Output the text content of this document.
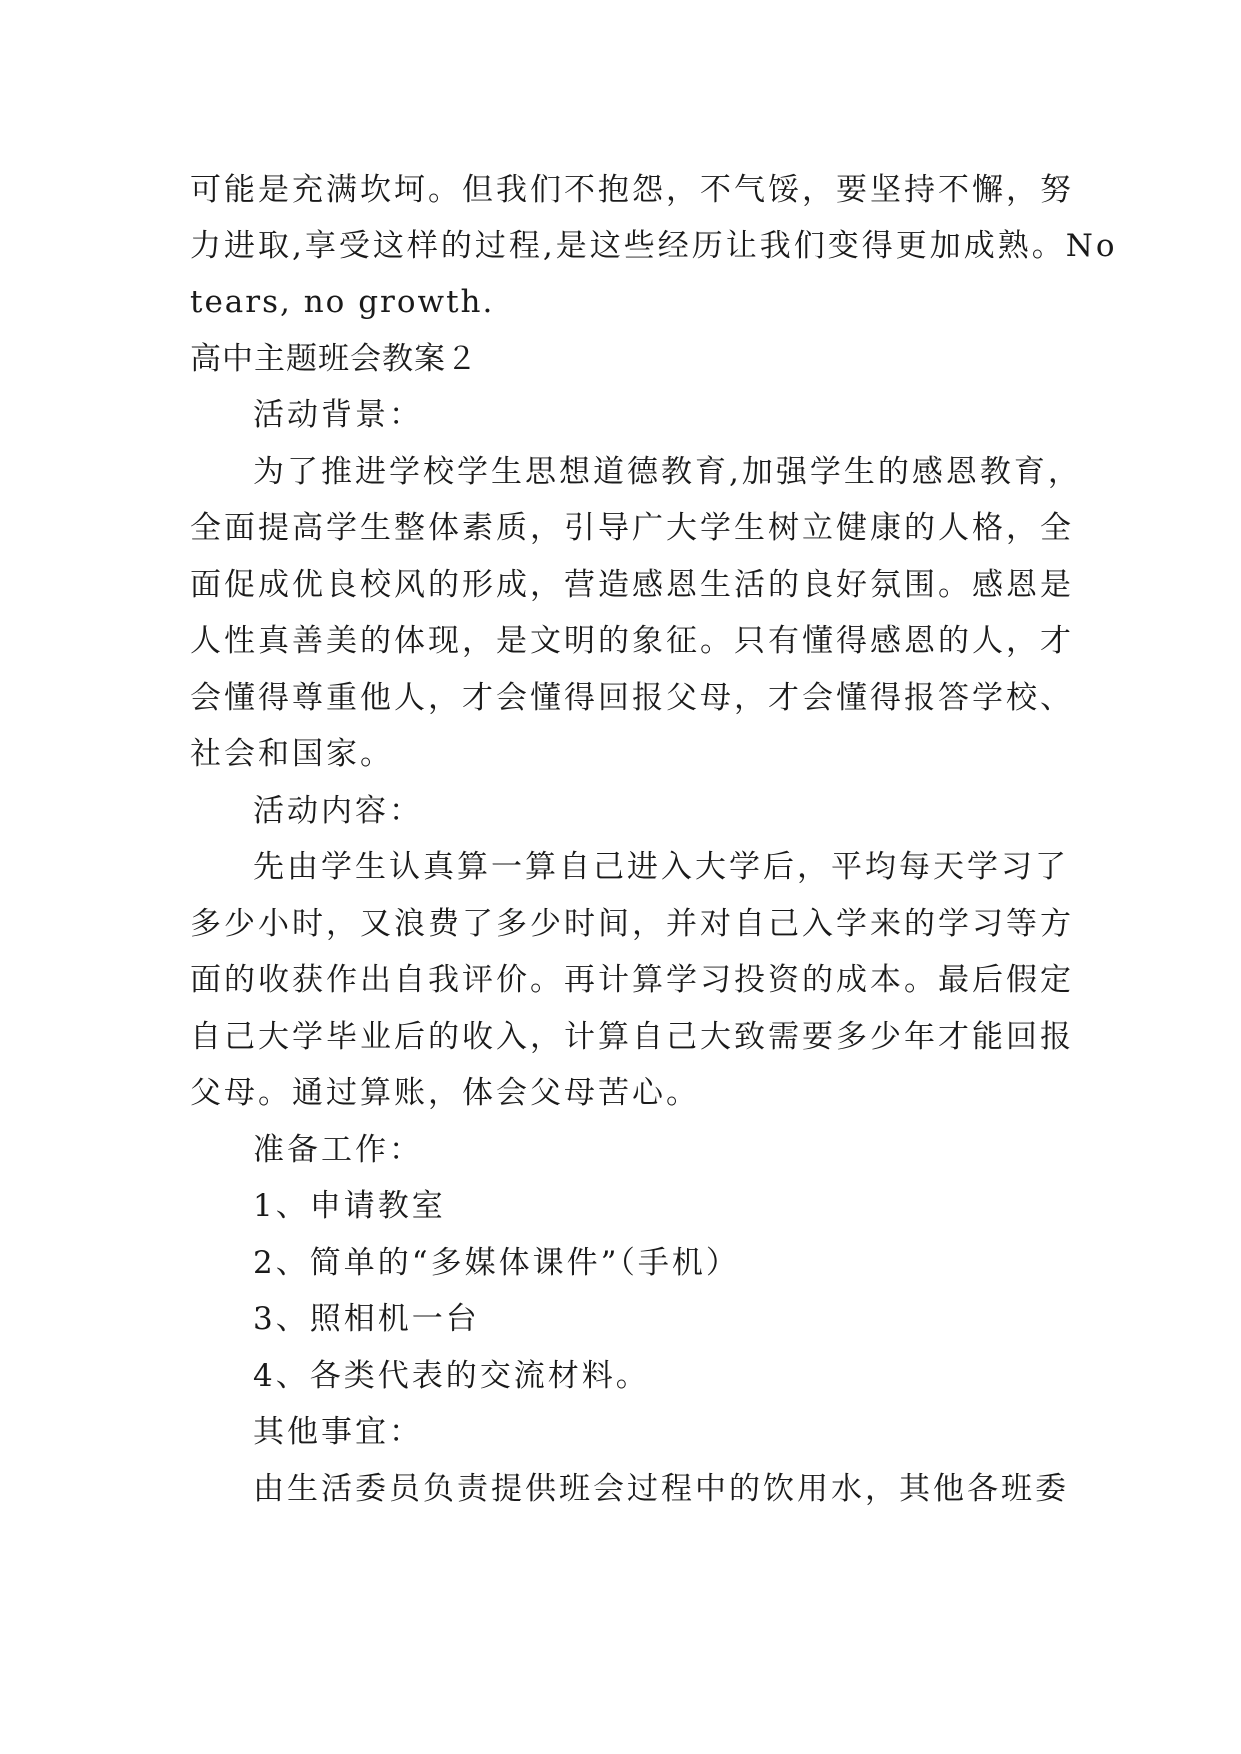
可能是充满坎坷。但我们不抱怨，不气馁，要坚持不懈，努
力进取,享受这样的过程,是这些经历让我们变得更加成熟。No
tears, no growth.
高中主题班会教案２
活动背景：
为了推进学校学生思想道德教育,加强学生的感恩教育，
全面提高学生整体素质，引导广大学生树立健康的人格，全
面促成优良校风的形成，营造感恩生活的良好氛围。感恩是
人性真善美的体现，是文明的象征。只有懂得感恩的人，才
会懂得尊重他人，才会懂得回报父母，才会懂得报答学校、
社会和国家。
活动内容：
先由学生认真算一算自己进入大学后，平均每天学习了
多少小时，又浪费了多少时间，并对自己入学来的学习等方
面的收获作出自我评价。再计算学习投资的成本。最后假定
自己大学毕业后的收入，计算自己大致需要多少年才能回报
父母。通过算账，体会父母苦心。
准备工作：
1、申请教室
2、简单的“多媒体课件”（手机）
3、照相机一台
4、各类代表的交流材料。
其他事宜：
由生活委员负责提供班会过程中的饮用水，其他各班委
